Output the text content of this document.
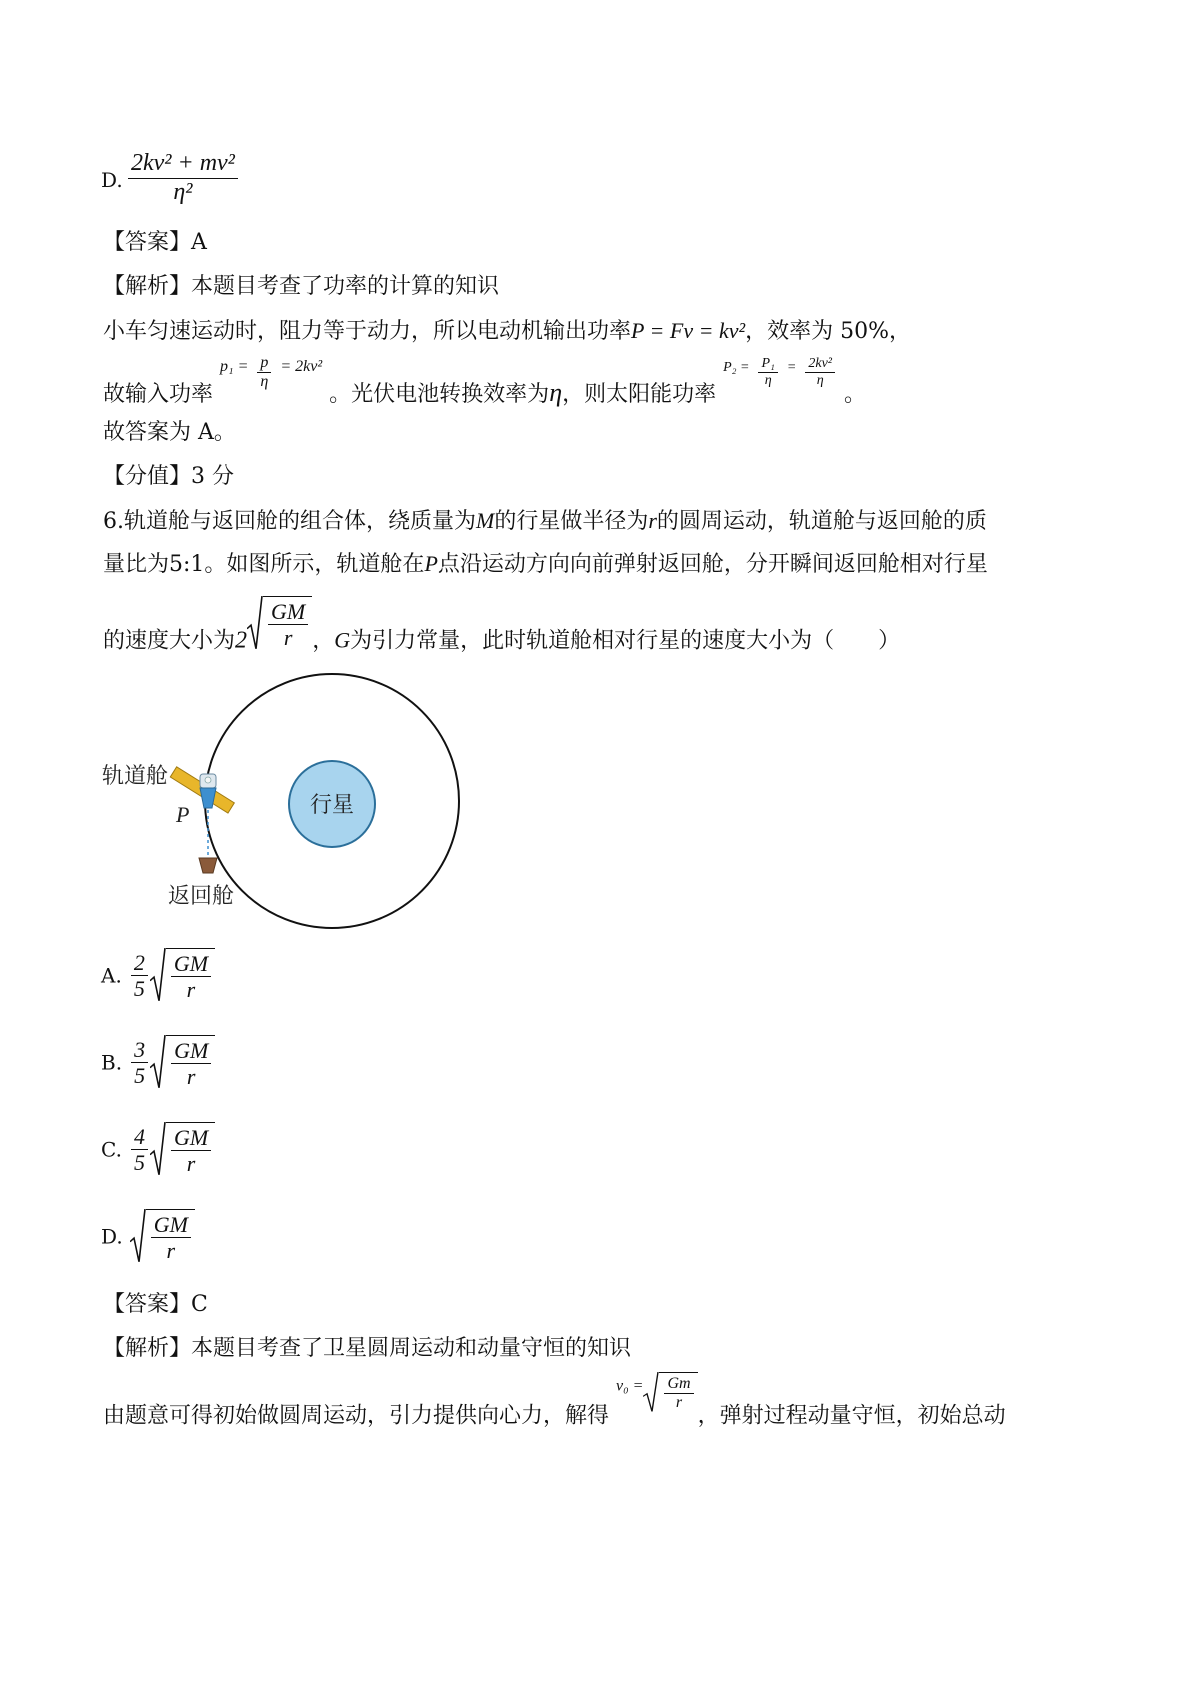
D. $\frac{\text{2kv² + mv²}}{\text{η²}}$
【答案】A
【解析】本题目考查了功率的计算的知识
小车匀速运动时，阻力等于动力，所以电动机输出功率P = Fv = kv²，效率为 50%，
故输入功率 $^{p_1 =} \frac{p}{\eta} ^{= 2kv^2}$ 。光伏电池转换效率为η，则太阳能功率 $^{P_2 =} \frac{\text{P₁}}{\eta} ^= \frac{\text{2kv²}}{\eta}$
。
故答案为 A。
【分值】3 分
6.轨道舱与返回舱的组合体，绕质量为M的行星做半径为r的圆周运动，轨道舱与返回舱的质
量比为5:1。如图所示，轨道舱在P点沿运动方向向前弹射返回舱，分开瞬间返回舱相对行星
的速度大小为$2 \frac{GM}{r}$ ，G为引力常量，此时轨道舱相对行星的速度大小为（　　）
行星
轨道舱
P
返回舱
A. $\frac{2}{5} \frac{GM}{r}$
B. $\frac{3}{5} \frac{GM}{r}$
C. $\frac{4}{5} \frac{GM}{r}$
D. $\frac{GM}{r}$
【答案】C
【解析】本题目考查了卫星圆周运动和动量守恒的知识
由题意可得初始做圆周运动，引力提供向心力，解得 $^{v_0 =} \frac{Gm}{r}$
，弹射过程动量守恒，初始总动
